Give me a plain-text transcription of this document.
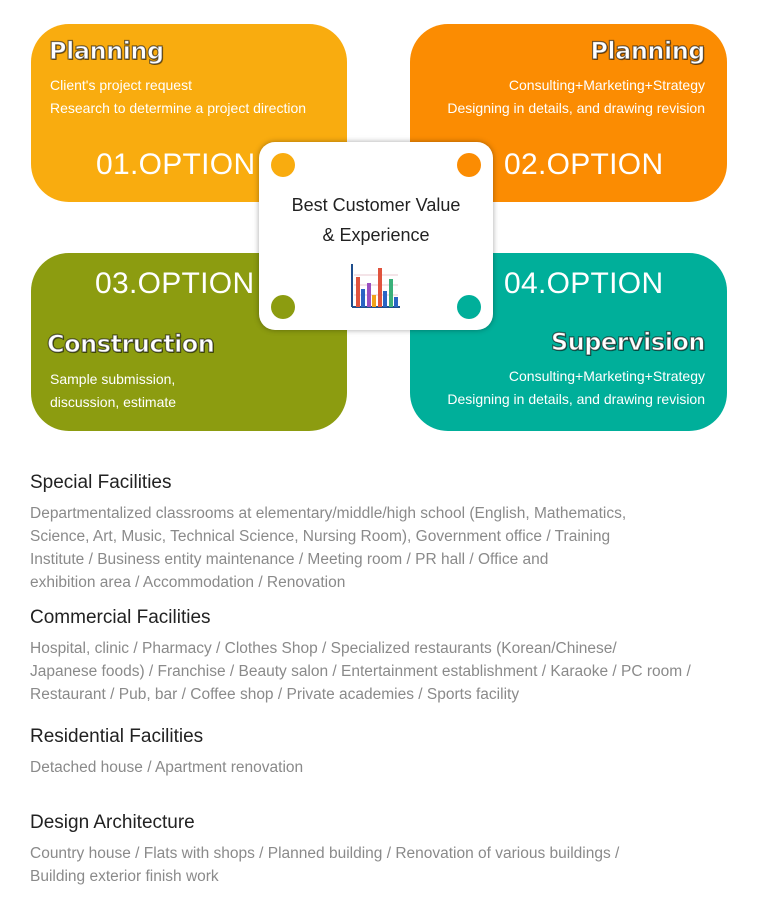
Planning
Client's project request
Research to determine a project direction
01.OPTION
Planning
Consulting+Marketing+Strategy
Designing in details, and drawing revision
02.OPTION
03.OPTION
Construction
Sample submission,
discussion, estimate
04.OPTION
Supervision
Consulting+Marketing+Strategy
Designing in details, and drawing revision
Best Customer Value
& Experience
Special Facilities
Departmentalized classrooms at elementary/middle/high school (English, Mathematics,
Science, Art, Music, Technical Science, Nursing Room), Government office / Training
Institute / Business entity maintenance / Meeting room / PR hall / Office and
exhibition area / Accommodation / Renovation
Commercial Facilities
Hospital, clinic / Pharmacy / Clothes Shop / Specialized restaurants (Korean/Chinese/
Japanese foods) / Franchise / Beauty salon / Entertainment establishment / Karaoke / PC room /
Restaurant / Pub, bar / Coffee shop / Private academies / Sports facility
Residential Facilities
Detached house / Apartment renovation
Design Architecture
Country house / Flats with shops / Planned building / Renovation of various buildings /
Building exterior finish work
